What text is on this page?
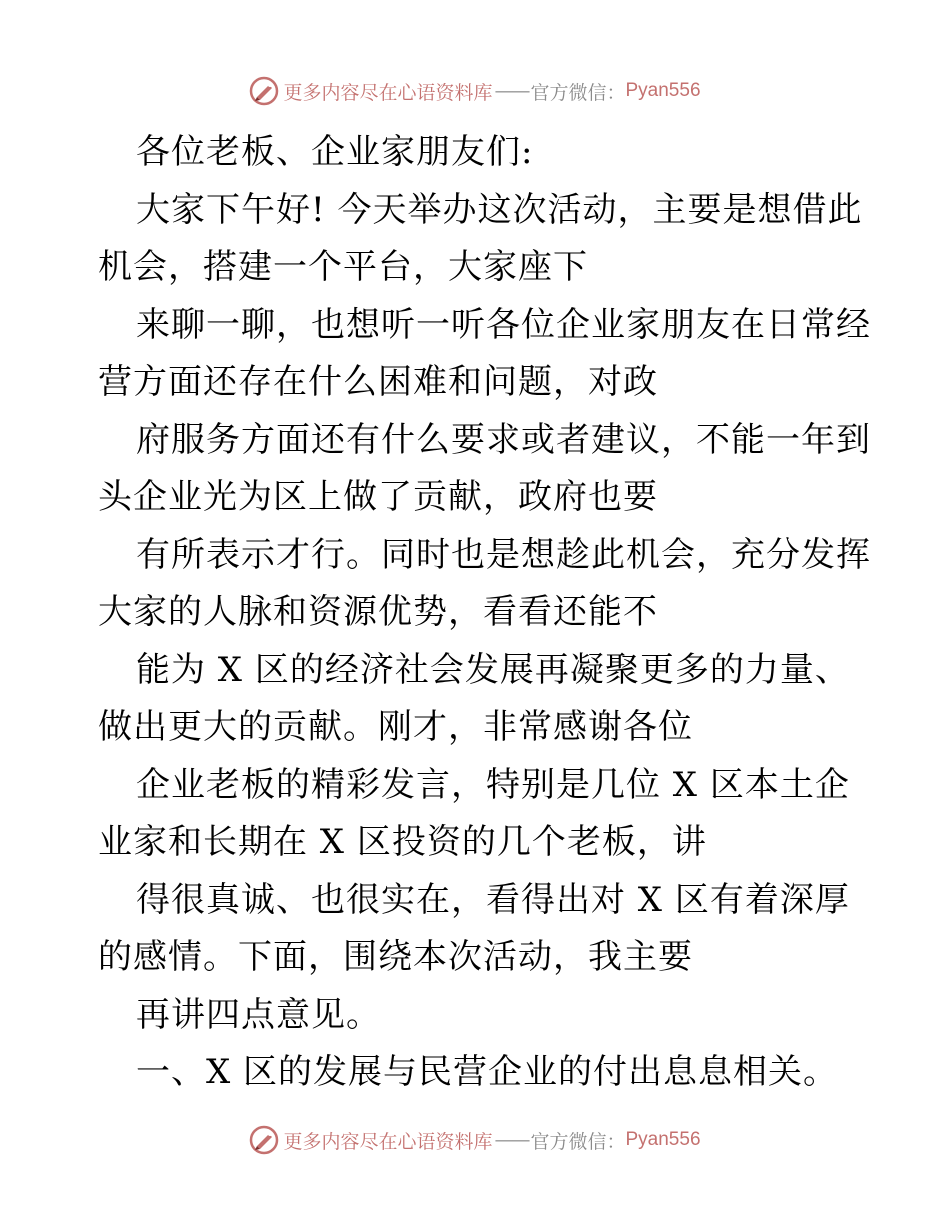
更多内容尽在心语资料库 —— 官方微信： Pyan556
各位老板、企业家朋友们:
大家下午好! 今天举办这次活动，主要是想借此
机会，搭建一个平台，大家座下
来聊一聊，也想听一听各位企业家朋友在日常经
营方面还存在什么困难和问题，对政
府服务方面还有什么要求或者建议，不能一年到
头企业光为区上做了贡献，政府也要
有所表示才行。同时也是想趁此机会，充分发挥
大家的人脉和资源优势，看看还能不
能为 X 区的经济社会发展再凝聚更多的力量、
做出更大的贡献。刚才，非常感谢各位
企业老板的精彩发言，特别是几位 X 区本土企
业家和长期在 X 区投资的几个老板，讲
得很真诚、也很实在，看得出对 X 区有着深厚
的感情。下面，围绕本次活动，我主要
再讲四点意见。
一、X 区的发展与民营企业的付出息息相关。
更多内容尽在心语资料库 —— 官方微信： Pyan556
